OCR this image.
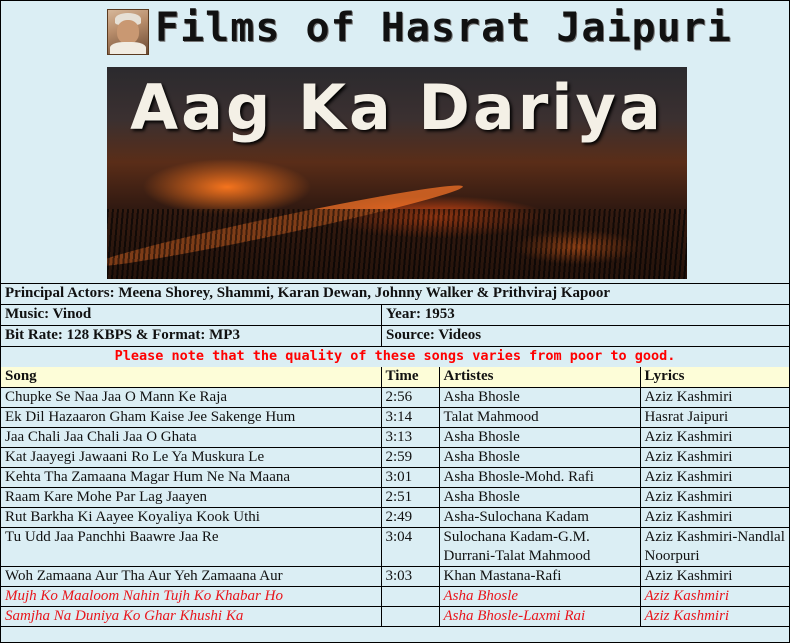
Films of Hasrat Jaipuri
Aag Ka Dariya
Principal Actors: Meena Shorey, Shammi, Karan Dewan, Johnny Walker & Prithviraj Kapoor
Music: Vinod	Year: 1953
Bit Rate: 128 KBPS & Format: MP3	Source: Videos
Please note that the quality of these songs varies from poor to good.
Song	Time	Artistes	Lyrics
Chupke Se Naa Jaa O Mann Ke Raja	2:56	Asha Bhosle	Aziz Kashmiri
Ek Dil Hazaaron Gham Kaise Jee Sakenge Hum	3:14	Talat Mahmood	Hasrat Jaipuri
Jaa Chali Jaa Chali Jaa O Ghata	3:13	Asha Bhosle	Aziz Kashmiri
Kat Jaayegi Jawaani Ro Le Ya Muskura Le	2:59	Asha Bhosle	Aziz Kashmiri
Kehta Tha Zamaana Magar Hum Ne Na Maana	3:01	Asha Bhosle-Mohd. Rafi	Aziz Kashmiri
Raam Kare Mohe Par Lag Jaayen	2:51	Asha Bhosle	Aziz Kashmiri
Rut Barkha Ki Aayee Koyaliya Kook Uthi	2:49	Asha-Sulochana Kadam	Aziz Kashmiri
Tu Udd Jaa Panchhi Baawre Jaa Re	3:04	Sulochana Kadam-G.M. Durrani-Talat Mahmood	Aziz Kashmiri-Nandlal Noorpuri
Woh Zamaana Aur Tha Aur Yeh Zamaana Aur	3:03	Khan Mastana-Rafi	Aziz Kashmiri
Mujh Ko Maaloom Nahin Tujh Ko Khabar Ho		Asha Bhosle	Aziz Kashmiri
Samjha Na Duniya Ko Ghar Khushi Ka		Asha Bhosle-Laxmi Rai	Aziz Kashmiri
